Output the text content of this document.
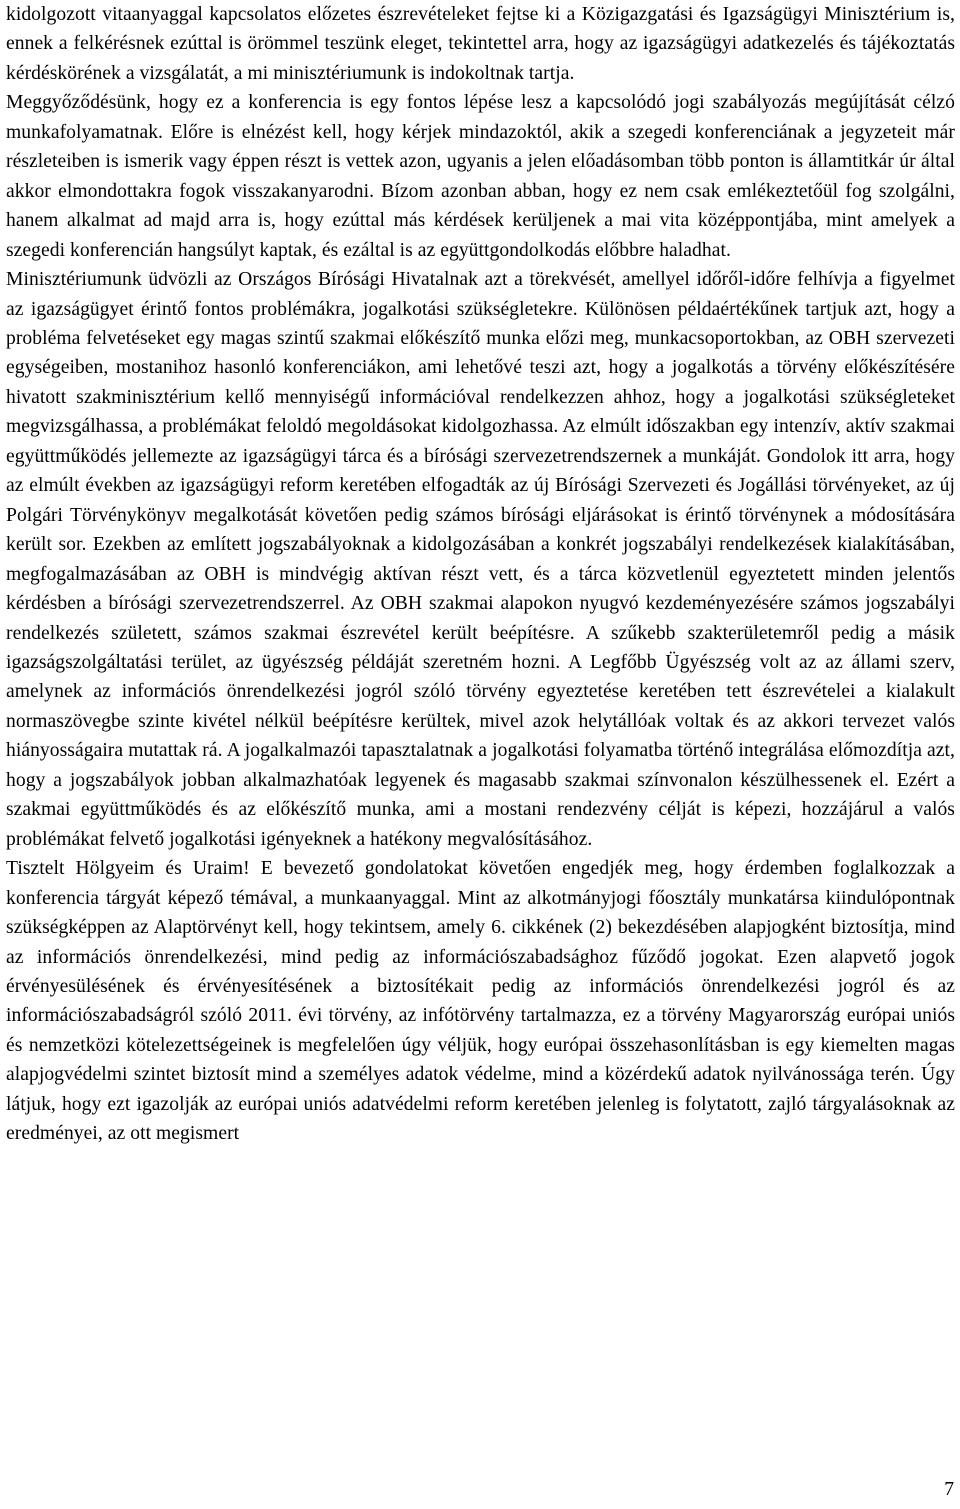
kidolgozott vitaanyaggal kapcsolatos előzetes észrevételeket fejtse ki a Közigazgatási és Igazságügyi Minisztérium is, ennek a felkérésnek ezúttal is örömmel teszünk eleget, tekintettel arra, hogy az igazságügyi adatkezelés és tájékoztatás kérdéskörének a vizsgálatát, a mi minisztériumunk is indokoltnak tartja.

Meggyőződésünk, hogy ez a konferencia is egy fontos lépése lesz a kapcsolódó jogi szabályozás megújítását célzó munkafolyamatnak. Előre is elnézést kell, hogy kérjek mindazoktól, akik a szegedi konferenciának a jegyzeteit már részleteiben is ismerik vagy éppen részt is vettek azon, ugyanis a jelen előadásomban több ponton is államtitkár úr által akkor elmondottakra fogok visszakanyarodni. Bízom azonban abban, hogy ez nem csak emlékeztetőül fog szolgálni, hanem alkalmat ad majd arra is, hogy ezúttal más kérdések kerüljenek a mai vita középpontjába, mint amelyek a szegedi konferencián hangsúlyt kaptak, és ezáltal is az együttgondolkodás előbbre haladhat.

Minisztériumunk üdvözli az Országos Bírósági Hivatalnak azt a törekvését, amellyel időről-időre felhívja a figyelmet az igazságügyet érintő fontos problémákra, jogalkotási szükségletekre. Különösen példaértékűnek tartjuk azt, hogy a probléma felvetéseket egy magas szintű szakmai előkészítő munka előzi meg, munkacsoportokban, az OBH szervezeti egységeiben, mostanihoz hasonló konferenciákon, ami lehetővé teszi azt, hogy a jogalkotás a törvény előkészítésére hivatott szakminisztérium kellő mennyiségű információval rendelkezzen ahhoz, hogy a jogalkotási szükségleteket megvizsgálhassa, a problémákat feloldó megoldásokat kidolgozhassa. Az elmúlt időszakban egy intenzív, aktív szakmai együttműködés jellemezte az igazságügyi tárca és a bírósági szervezetrendszernek a munkáját. Gondolok itt arra, hogy az elmúlt években az igazságügyi reform keretében elfogadták az új Bírósági Szervezeti és Jogállási törvényeket, az új Polgári Törvénykönyv megalkotását követően pedig számos bírósági eljárásokat is érintő törvénynek a módosítására került sor. Ezekben az említett jogszabályoknak a kidolgozásában a konkrét jogszabályi rendelkezések kialakításában, megfogalmazásában az OBH is mindvégig aktívan részt vett, és a tárca közvetlenül egyeztetett minden jelentős kérdésben a bírósági szervezetrendszerrel. Az OBH szakmai alapokon nyugvó kezdeményezésére számos jogszabályi rendelkezés született, számos szakmai észrevétel került beépítésre. A szűkebb szakterületemről pedig a másik igazságszolgáltatási terület, az ügyészség példáját szeretném hozni. A Legfőbb Ügyészség volt az az állami szerv, amelynek az információs önrendelkezési jogról szóló törvény egyeztetése keretében tett észrevételei a kialakult normaszövegbe szinte kivétel nélkül beépítésre kerültek, mivel azok helytállóak voltak és az akkori tervezet valós hiányosságaira mutattak rá. A jogalkalmazói tapasztalatnak a jogalkotási folyamatba történő integrálása előmozdítja azt, hogy a jogszabályok jobban alkalmazhatóak legyenek és magasabb szakmai színvonalon készülhessenek el. Ezért a szakmai együttműködés és az előkészítő munka, ami a mostani rendezvény célját is képezi, hozzájárul a valós problémákat felvető jogalkotási igényeknek a hatékony megvalósításához.

Tisztelt Hölgyeim és Uraim! E bevezető gondolatokat követően engedjék meg, hogy érdemben foglalkozzak a konferencia tárgyát képező témával, a munkaanyaggal. Mint az alkotmányjogi főosztály munkatársa kiindulópontnak szükségképpen az Alaptörvényt kell, hogy tekintsem, amely 6. cikkének (2) bekezdésében alapjogként biztosítja, mind az információs önrendelkezési, mind pedig az információszabadsághoz fűződő jogokat. Ezen alapvető jogok érvényesülésének és érvényesítésének a biztosítékait pedig az információs önrendelkezési jogról és az információszabadságról szóló 2011. évi törvény, az infótörvény tartalmazza, ez a törvény Magyarország európai uniós és nemzetközi kötelezettségeinek is megfelelően úgy véljük, hogy európai összehasonlításban is egy kiemelten magas alapjogvédelmi szintet biztosít mind a személyes adatok védelme, mind a közérdekű adatok nyilvánossága terén. Úgy látjuk, hogy ezt igazolják az európai uniós adatvédelmi reform keretében jelenleg is folytatott, zajló tárgyalásoknak az eredményei, az ott megismert

7
